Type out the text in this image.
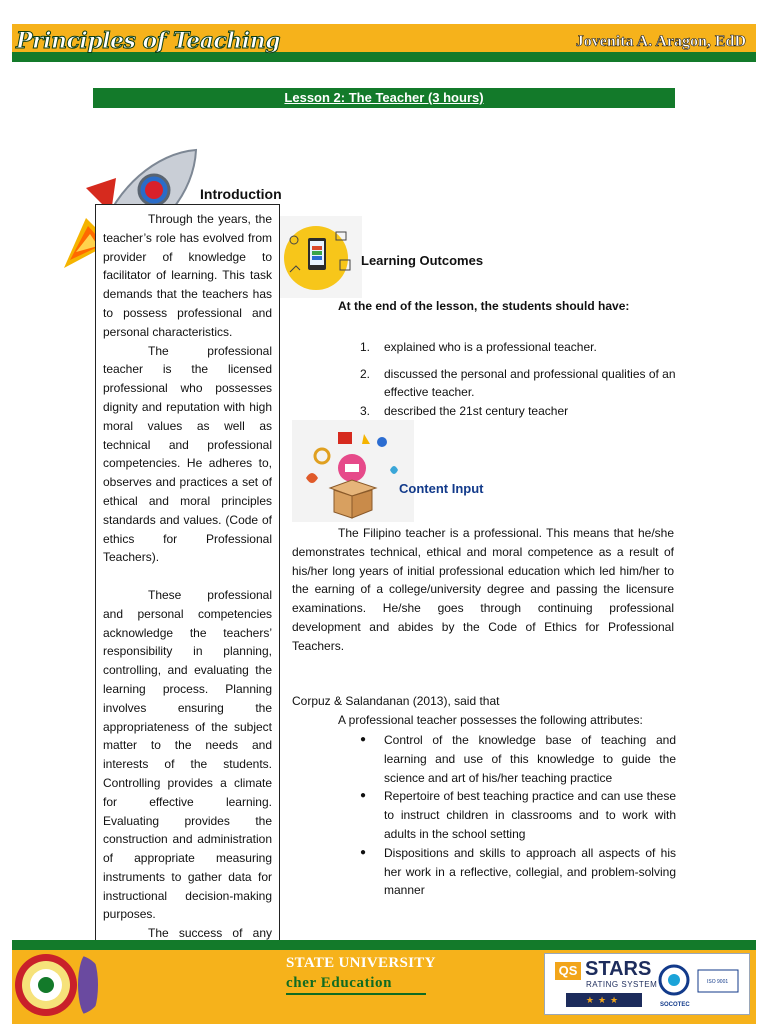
Principles of Teaching	Jovenita A. Aragon, EdD
Lesson 2: The Teacher (3 hours)
Introduction

Through the years, the teacher’s role has evolved from provider of knowledge to facilitator of learning. This task demands that the teachers has to possess professional and personal characteristics.

The professional teacher is the licensed professional who possesses dignity and reputation with high moral values as well as technical and professional competencies. He adheres to, observes and practices a set of ethical and moral principles standards and values. (Code of ethics for Professional Teachers).

These professional and personal competencies acknowledge the teachers’ responsibility in planning, controlling, and evaluating the learning process. Planning involves ensuring the appropriateness of the subject matter to the needs and interests of the students. Controlling provides a climate for effective learning. Evaluating provides the construction and administration of appropriate measuring instruments to gather data for instructional decision-making purposes.

The success of any

Learning Outcomes
At the end of the lesson, the students should have:
1. explained who is a professional teacher.
2. discussed the personal and professional qualities of an effective teacher.
3. described the 21st century teacher
Content Input
The Filipino teacher is a professional. This means that he/she demonstrates technical, ethical and moral competence as a result of his/her long years of initial professional education which led him/her to the earning of a college/university degree and passing the licensure examinations. He/she goes through continuing professional development and abides by the Code of Ethics for Professional Teachers.
Corpuz & Salandanan (2013), said that
A professional teacher possesses the following attributes:
● Control of the knowledge base of teaching and learning and use of this knowledge to guide the science and art of his/her teaching practice
● Repertoire of best teaching practice and can use these to instruct children in classrooms and to work with adults in the school setting
● Dispositions and skills to approach all aspects of his her work in a reflective, collegial, and problem-solving manner
STATE UNIVERSITY
cher Education
QS STARS
RATING SYSTEM
★★★
ISO 9001
SOCOTEC
